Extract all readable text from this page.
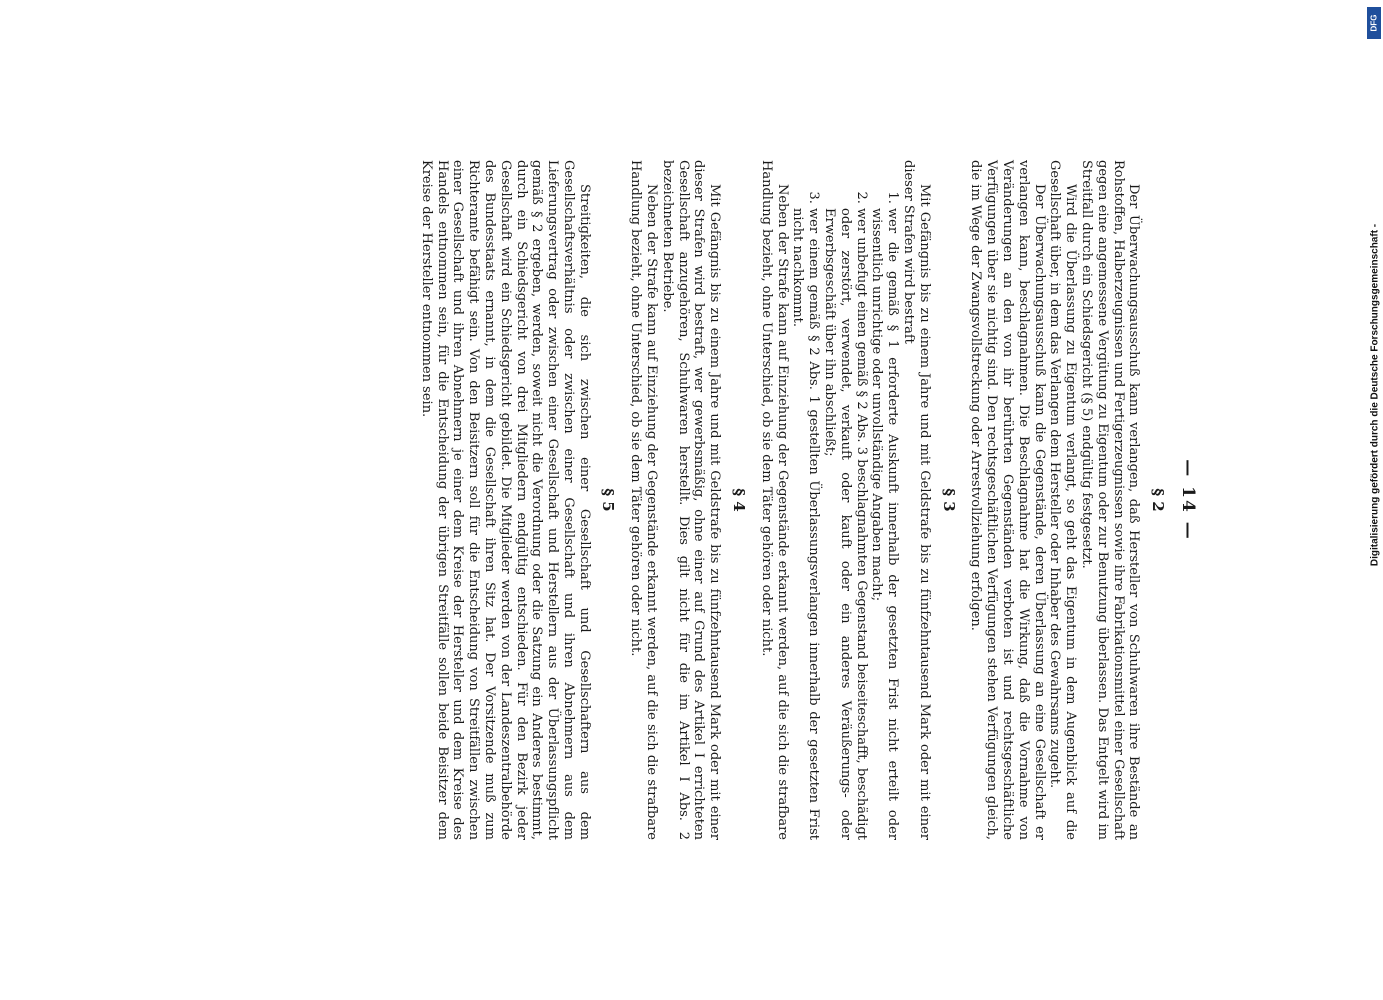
— 14 —
§ 2

Der Überwachungsausschuß kann verlangen, daß Hersteller von Schuhwaren ihre Bestände an Rohstoffen, Halberzeugnissen und Fertigerzeugnissen sowie ihre Fabrikationsmittel einer Gesellschaft gegen eine angemessene Vergütung zu Eigentum oder zur Benutzung überlassen. Das Entgelt wird im Streitfall durch ein Schiedsgericht (§ 5) endgültig festgesetzt.

Wird die Überlassung zu Eigentum verlangt, so geht das Eigentum in dem Augenblick auf die Gesellschaft über, in dem das Verlangen dem Hersteller oder Inhaber des Gewahrsams zugeht.

Der Überwachungsausschuß kann die Gegenstände, deren Überlassung an eine Gesellschaft er verlangen kann, beschlagnahmen. Die Beschlagnahme hat die Wirkung, daß die Vornahme von Veränderungen an den von ihr berührten Gegenständen verboten ist und rechtsgeschäftliche Verfügungen über sie nichtig sind. Den rechtsgeschäftlichen Verfügungen stehen Verfügungen gleich, die im Wege der Zwangsvollstreckung oder Arrestvollziehung erfolgen.

§ 3

Mit Gefängnis bis zu einem Jahre und mit Geldstrafe bis zu fünfzehntausend Mark oder mit einer dieser Strafen wird bestraft

1. wer die gemäß § 1 erforderte Auskunft innerhalb der gesetzten Frist nicht erteilt oder wissentlich unrichtige oder unvollständige Angaben macht;
2. wer unbefugt einen gemäß § 2 Abs. 3 beschlagnahmten Gegenstand beiseiteschafft, beschädigt oder zerstört, verwendet, verkauft oder kauft oder ein anderes Veräußerungs- oder Erwerbsgeschäft über ihn abschließt;
3. wer einem gemäß § 2 Abs. 1 gestellten Überlassungsverlangen innerhalb der gesetzten Frist nicht nachkommt.

Neben der Strafe kann auf Einziehung der Gegenstände erkannt werden, auf die sich die strafbare Handlung bezieht, ohne Unterschied, ob sie dem Täter gehören oder nicht.

§ 4

Mit Gefängnis bis zu einem Jahre und mit Geldstrafe bis zu fünfzehntausend Mark oder mit einer dieser Strafen wird bestraft, wer gewerbsmäßig, ohne einer auf Grund des Artikel I errichteten Gesellschaft anzugehören, Schuhwaren herstellt. Dies gilt nicht für die im Artikel I Abs. 2 bezeichneten Betriebe.

Neben der Strafe kann auf Einziehung der Gegenstände erkannt werden, auf die sich die strafbare Handlung bezieht, ohne Unterschied, ob sie dem Täter gehören oder nicht.

§ 5

Streitigkeiten, die sich zwischen einer Gesellschaft und Gesellschaftern aus dem Gesellschaftsverhältnis oder zwischen einer Gesellschaft und ihren Abnehmern aus dem Lieferungsvertrag oder zwischen einer Gesellschaft und Herstellern aus der Überlassungspflicht gemäß § 2 ergeben, werden, soweit nicht die Verordnung oder die Satzung ein Anderes bestimmt, durch ein Schiedsgericht von drei Mitgliedern endgültig entschieden. Für den Bezirk jeder Gesellschaft wird ein Schiedsgericht gebildet. Die Mitglieder werden von der Landeszentralbehörde des Bundesstaats ernannt, in dem die Gesellschaft ihren Sitz hat. Der Vorsitzende muß zum Richteramte befähigt sein. Von den Beisitzern soll für die Entscheidung von Streitfällen zwischen einer Gesellschaft und ihren Abnehmern je einer dem Kreise der Hersteller und dem Kreise des Handels entnommen sein, für die Entscheidung der übrigen Streitfälle sollen beide Beisitzer dem Kreise der Hersteller entnommen sein.

DFG
Digitalisierung gefördert durch die Deutsche Forschungsgemeinschaft -
